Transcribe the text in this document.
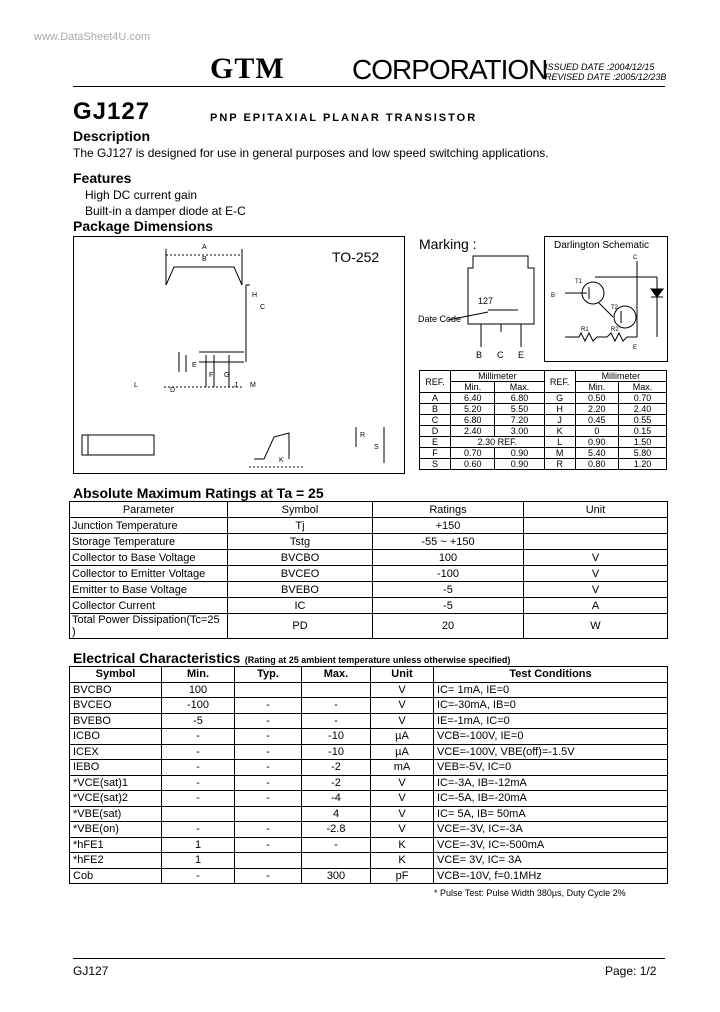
www.DataSheet4U.com
GTM CORPORATION
ISSUED DATE :2004/12/15
REVISED DATE :2005/12/23B
GJ127	PNP EPITAXIAL PLANAR TRANSISTOR
Description
The GJ127 is designed for use in general purposes and low speed switching applications.
Features
High DC current gain
Built-in a damper diode at E-C
Package Dimensions
TO-252
A
B
C
D
E
F G
H
J
K
L	M
R
S
Marking :
127
Date Code
B C E
Darlington Schematic
C
B
E
R1	R2
T1
T2
REF.	Millimeter		REF.	Millimeter	
	Min.	Max.		Min.	Max.
A	6.40	6.80	G	0.50	0.70
B	5.20	5.50	H	2.20	2.40
C	6.80	7.20	J	0.45	0.55
D	2.40	3.00	K	0	0.15
E	2.30 REF.		L	0.90	1.50
F	0.70	0.90	M	5.40	5.80
S	0.60	0.90	R	0.80	1.20
Absolute Maximum Ratings at Ta = 25
Parameter	Symbol	Ratings	Unit
Junction Temperature	Tj	+150	
Storage Temperature	Tstg	-55 ~ +150	
Collector to Base Voltage	BVCBO	100	V
Collector to Emitter Voltage	BVCEO	-100	V
Emitter to Base Voltage	BVEBO	-5	V
Collector Current	IC	-5	A
Total Power Dissipation(Tc=25 )	PD	20	W
Electrical Characteristics (Rating at 25 ambient temperature unless otherwise specified)
Symbol	Min.	Typ.	Max.	Unit	Test Conditions
BVCBO	100			V	IC= 1mA, IE=0
BVCEO	-100	-	-	V	IC=-30mA, IB=0
BVEBO	-5	-	-	V	IE=-1mA, IC=0
ICBO	-	-	-10	µA	VCB=-100V, IE=0
ICEX	-	-	-10	µA	VCE=-100V, VBE(off)=-1.5V
IEBO	-	-	-2	mA	VEB=-5V, IC=0
*VCE(sat)1	-	-	-2	V	IC=-3A, IB=-12mA
*VCE(sat)2	-	-	-4	V	IC=-5A, IB=-20mA
*VBE(sat)			4	V	IC= 5A, IB= 50mA
*VBE(on)	-	-	-2.8	V	VCE=-3V, IC=-3A
*hFE1	1	-	-	K	VCE=-3V, IC=-500mA
*hFE2	1			K	VCE= 3V, IC= 3A
Cob	-	-	300	pF	VCB=-10V, f=0.1MHz
* Pulse Test: Pulse Width 380µs, Duty Cycle 2%
GJ127	Page: 1/2
